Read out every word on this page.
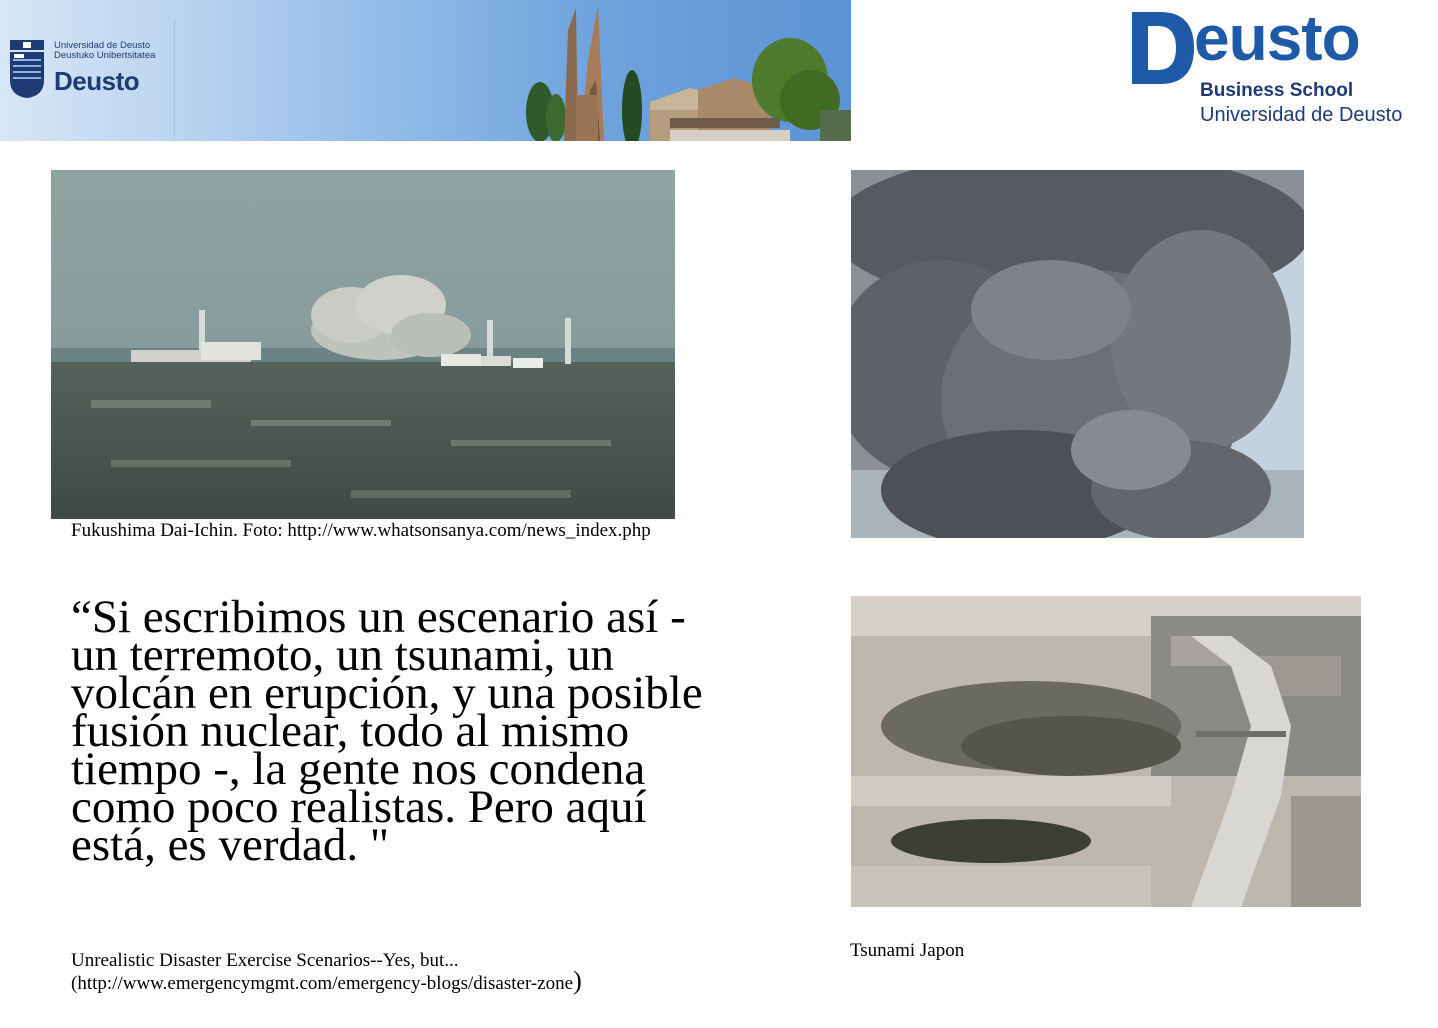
Universidad de Deusto
Deustuko Unibertsitatea
Deusto
eusto
Business School
Universidad de Deusto
Fukushima Dai-Ichin. Foto: http://www.whatsonsanya.com/news_index.php
“Si escribimos un escenario así -
un terremoto, un tsunami, un
volcán en erupción, y una posible
fusión nuclear, todo al mismo
tiempo -, la gente nos condena
como poco realistas. Pero aquí
está, es verdad. "
Tsunami Japon
Unrealistic Disaster Exercise Scenarios--Yes, but...
(http://www.emergencymgmt.com/emergency-blogs/disaster-zone)
